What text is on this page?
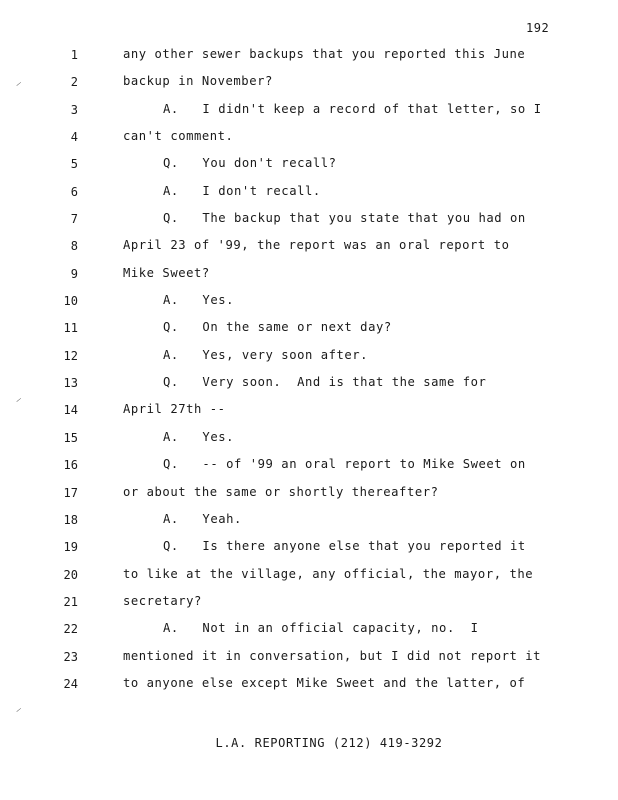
192
⸝
⸝
⸝
1	any other sewer backups that you reported this June
2	backup in November?
3	A.   I didn't keep a record of that letter, so I
4	can't comment.
5	Q.   You don't recall?
6	A.   I don't recall.
7	Q.   The backup that you state that you had on
8	April 23 of '99, the report was an oral report to
9	Mike Sweet?
10	A.   Yes.
11	Q.   On the same or next day?
12	A.   Yes, very soon after.
13	Q.   Very soon.  And is that the same for
14	April 27th --
15	A.   Yes.
16	Q.   -- of '99 an oral report to Mike Sweet on
17	or about the same or shortly thereafter?
18	A.   Yeah.
19	Q.   Is there anyone else that you reported it
20	to like at the village, any official, the mayor, the
21	secretary?
22	A.   Not in an official capacity, no.  I
23	mentioned it in conversation, but I did not report it
24	to anyone else except Mike Sweet and the latter, of
L.A. REPORTING (212) 419-3292
